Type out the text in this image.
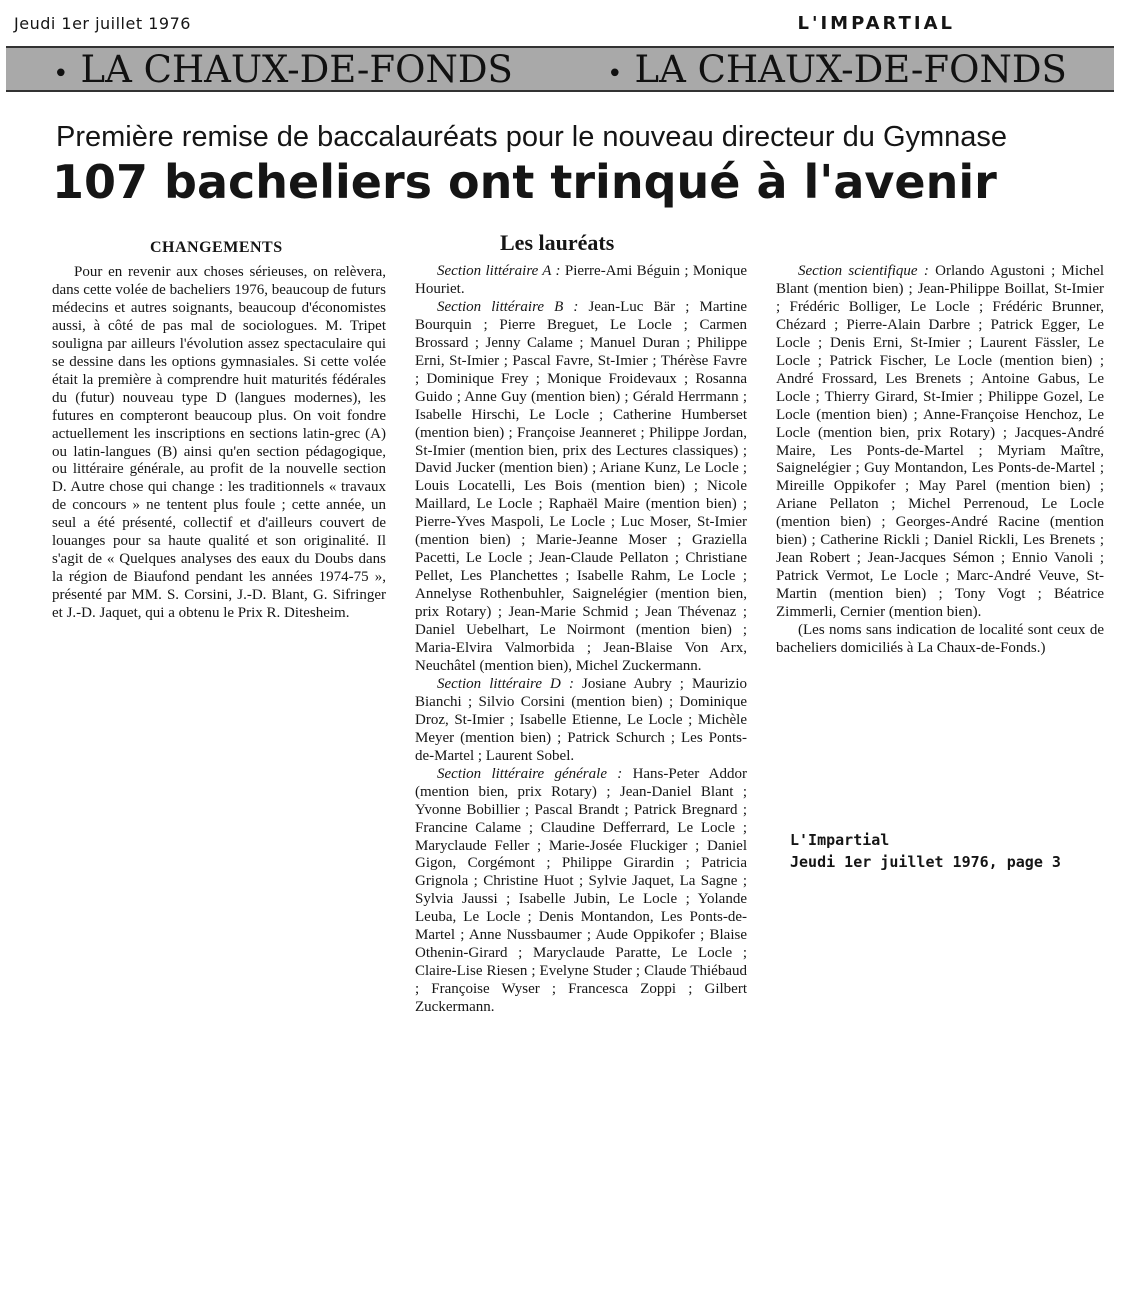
Jeudi 1er juillet 1976	L'IMPARTIAL
• LA CHAUX-DE-FONDS	• LA CHAUX-DE-FONDS
Première remise de baccalauréats pour le nouveau directeur du Gymnase
107 bacheliers ont trinqué à l'avenir
CHANGEMENTS

Pour en revenir aux choses sérieuses, on relèvera, dans cette volée de bacheliers 1976, beaucoup de futurs médecins et autres soignants, beaucoup d'économistes aussi, à côté de pas mal de sociologues. M. Tripet souligna par ailleurs l'évolution assez spectaculaire qui se dessine dans les options gymnasiales. Si cette volée était la première à comprendre huit maturités fédérales du (futur) nouveau type D (langues modernes), les futures en compteront beaucoup plus. On voit fondre actuellement les inscriptions en sections latin-grec (A) ou latin-langues (B) ainsi qu'en section pédagogique, ou littéraire générale, au profit de la nouvelle section D. Autre chose qui change : les traditionnels « travaux de concours » ne tentent plus foule ; cette année, un seul a été présenté, collectif et d'ailleurs couvert de louanges pour sa haute qualité et son originalité. Il s'agit de « Quelques analyses des eaux du Doubs dans la région de Biaufond pendant les années 1974-75 », présenté par MM. S. Corsini, J.-D. Blant, G. Sifringer et J.-D. Jaquet, qui a obtenu le Prix R. Ditesheim.

Les lauréats

Section littéraire A : Pierre-Ami Béguin ; Monique Houriet.

Section littéraire B : Jean-Luc Bär ; Martine Bourquin ; Pierre Breguet, Le Locle ; Carmen Brossard ; Jenny Calame ; Manuel Duran ; Philippe Erni, St-Imier ; Pascal Favre, St-Imier ; Thérèse Favre ; Dominique Frey ; Monique Froidevaux ; Rosanna Guido ; Anne Guy (mention bien) ; Gérald Herrmann ; Isabelle Hirschi, Le Locle ; Catherine Humberset (mention bien) ; Françoise Jeanneret ; Philippe Jordan, St-Imier (mention bien, prix des Lectures classiques) ; David Jucker (mention bien) ; Ariane Kunz, Le Locle ; Louis Locatelli, Les Bois (mention bien) ; Nicole Maillard, Le Locle ; Raphaël Maire (mention bien) ; Pierre-Yves Maspoli, Le Locle ; Luc Moser, St-Imier (mention bien) ; Marie-Jeanne Moser ; Graziella Pacetti, Le Locle ; Jean-Claude Pellaton ; Christiane Pellet, Les Planchettes ; Isabelle Rahm, Le Locle ; Annelyse Rothenbuhler, Saignelégier (mention bien, prix Rotary) ; Jean-Marie Schmid ; Jean Thévenaz ; Daniel Uebelhart, Le Noirmont (mention bien) ; Maria-Elvira Valmorbida ; Jean-Blaise Von Arx, Neuchâtel (mention bien), Michel Zuckermann.

Section littéraire D : Josiane Aubry ; Maurizio Bianchi ; Silvio Corsini (mention bien) ; Dominique Droz, St-Imier ; Isabelle Etienne, Le Locle ; Michèle Meyer (mention bien) ; Patrick Schurch ; Les Ponts-de-Martel ; Laurent Sobel.

Section littéraire générale : Hans-Peter Addor (mention bien, prix Rotary) ; Jean-Daniel Blant ; Yvonne Bobillier ; Pascal Brandt ; Patrick Bregnard ; Francine Calame ; Claudine Defferrard, Le Locle ; Maryclaude Feller ; Marie-Josée Fluckiger ; Daniel Gigon, Corgémont ; Philippe Girardin ; Patricia Grignola ; Christine Huot ; Sylvie Jaquet, La Sagne ; Sylvia Jaussi ; Isabelle Jubin, Le Locle ; Yolande Leuba, Le Locle ; Denis Montandon, Les Ponts-de-Martel ; Anne Nussbaumer ; Aude Oppikofer ; Blaise Othenin-Girard ; Maryclaude Paratte, Le Locle ; Claire-Lise Riesen ; Evelyne Studer ; Claude Thiébaud ; Françoise Wyser ; Francesca Zoppi ; Gilbert Zuckermann.

Section scientifique : Orlando Agustoni ; Michel Blant (mention bien) ; Jean-Philippe Boillat, St-Imier ; Frédéric Bolliger, Le Locle ; Frédéric Brunner, Chézard ; Pierre-Alain Darbre ; Patrick Egger, Le Locle ; Denis Erni, St-Imier ; Laurent Fässler, Le Locle ; Patrick Fischer, Le Locle (mention bien) ; André Frossard, Les Brenets ; Antoine Gabus, Le Locle ; Thierry Girard, St-Imier ; Philippe Gozel, Le Locle (mention bien) ; Anne-Françoise Henchoz, Le Locle (mention bien, prix Rotary) ; Jacques-André Maire, Les Ponts-de-Martel ; Myriam Maître, Saignelégier ; Guy Montandon, Les Ponts-de-Martel ; Mireille Oppikofer ; May Parel (mention bien) ; Ariane Pellaton ; Michel Perrenoud, Le Locle (mention bien) ; Georges-André Racine (mention bien) ; Catherine Rickli ; Daniel Rickli, Les Brenets ; Jean Robert ; Jean-Jacques Sémon ; Ennio Vanoli ; Patrick Vermot, Le Locle ; Marc-André Veuve, St-Martin (mention bien) ; Tony Vogt ; Béatrice Zimmerli, Cernier (mention bien).

(Les noms sans indication de localité sont ceux de bacheliers domiciliés à La Chaux-de-Fonds.)

L'Impartial
Jeudi 1er juillet 1976, page 3
